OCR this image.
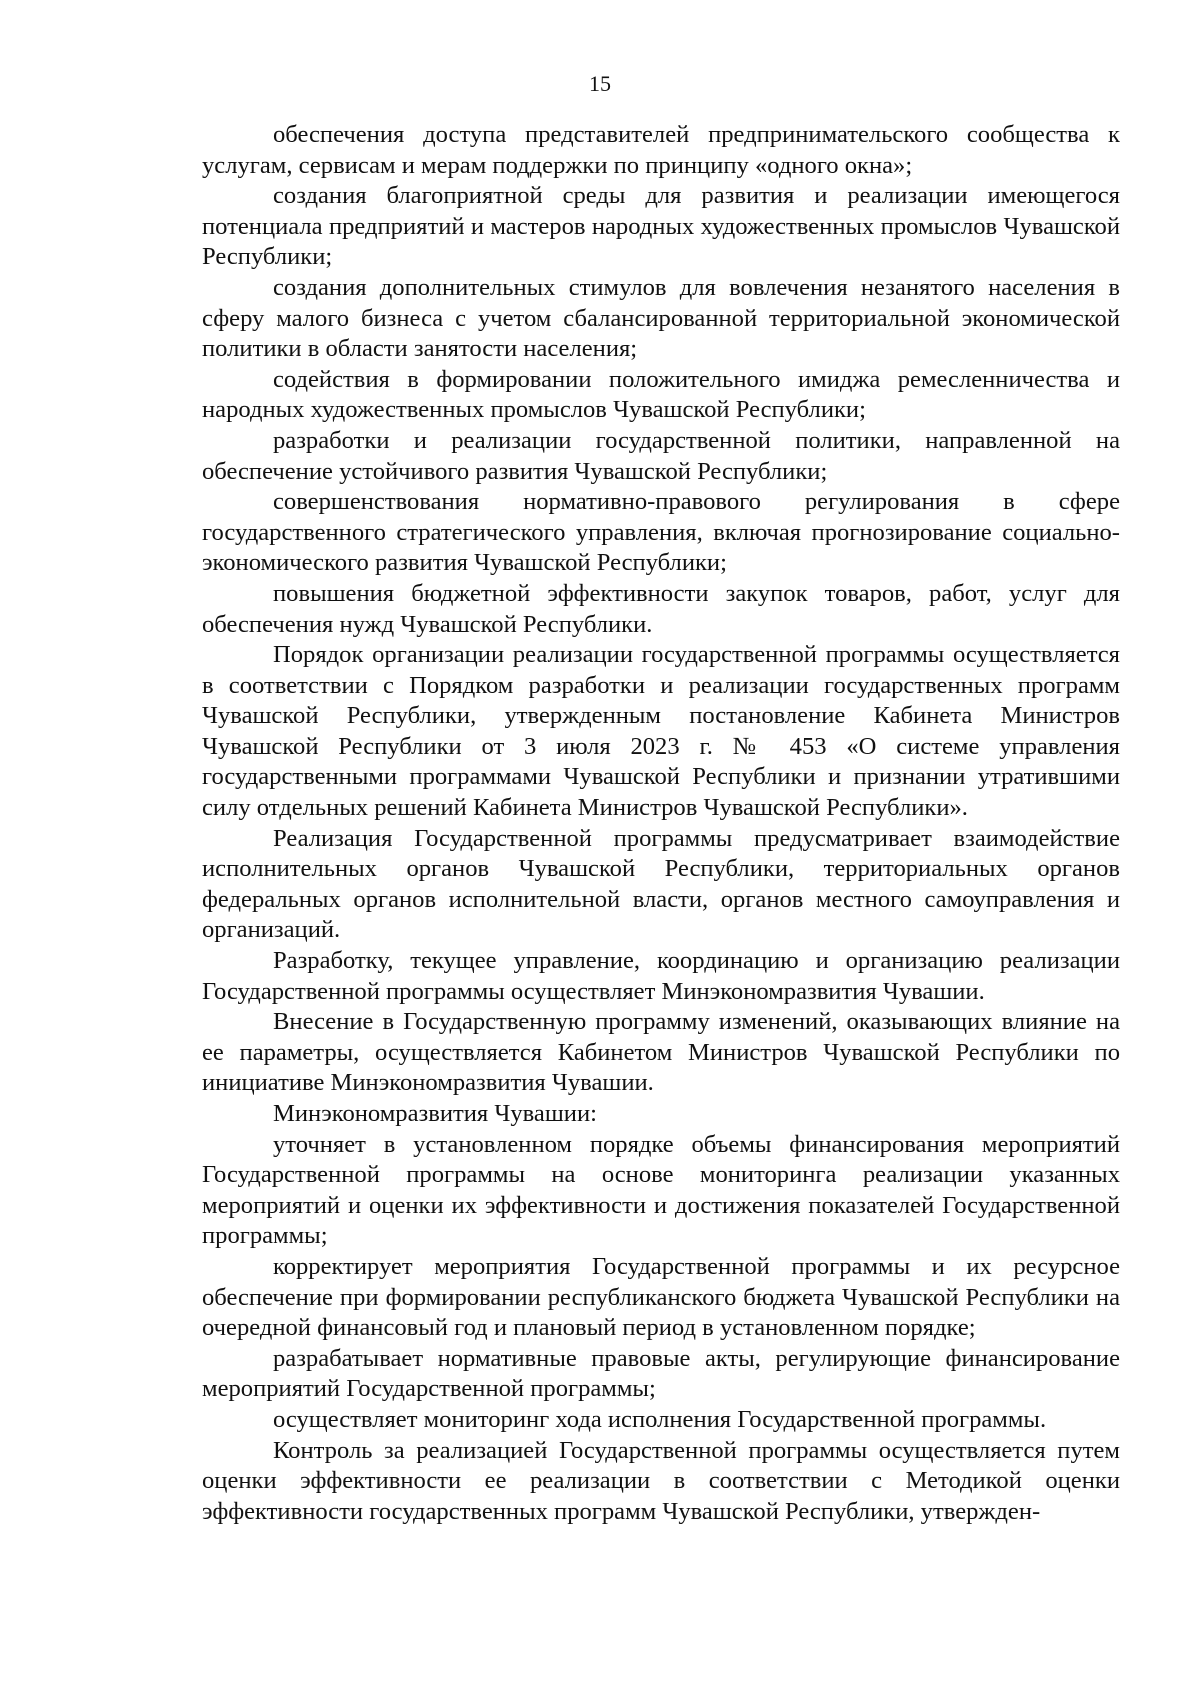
15

обеспечения доступа представителей предпринимательского сообщества к услугам, сервисам и мерам поддержки по принципу «одного окна»;

создания благоприятной среды для развития и реализации имеющегося потенциала предприятий и мастеров народных художественных промыслов Чувашской Республики;

создания дополнительных стимулов для вовлечения незанятого населения в сферу малого бизнеса с учетом сбалансированной территориальной экономической политики в области занятости населения;

содействия в формировании положительного имиджа ремесленничества и народных художественных промыслов Чувашской Республики;

разработки и реализации государственной политики, направленной на обеспечение устойчивого развития Чувашской Республики;

совершенствования нормативно-правового регулирования в сфере государственного стратегического управления, включая прогнозирование социально-экономического развития Чувашской Республики;

повышения бюджетной эффективности закупок товаров, работ, услуг для обеспечения нужд Чувашской Республики.

Порядок организации реализации государственной программы осуществляется в соответствии с Порядком разработки и реализации государственных программ Чувашской Республики, утвержденным постановление Кабинета Министров Чувашской Республики от 3 июля 2023 г. № 453 «О системе управления государственными программами Чувашской Республики и признании утратившими силу отдельных решений Кабинета Министров Чувашской Республики».

Реализация Государственной программы предусматривает взаимодействие исполнительных органов Чувашской Республики, территориальных органов федеральных органов исполнительной власти, органов местного самоуправления и организаций.

Разработку, текущее управление, координацию и организацию реализации Государственной программы осуществляет Минэкономразвития Чувашии.

Внесение в Государственную программу изменений, оказывающих влияние на ее параметры, осуществляется Кабинетом Министров Чувашской Республики по инициативе Минэкономразвития Чувашии.

Минэкономразвития Чувашии:

уточняет в установленном порядке объемы финансирования мероприятий Государственной программы на основе мониторинга реализации указанных мероприятий и оценки их эффективности и достижения показателей Государственной программы;

корректирует мероприятия Государственной программы и их ресурсное обеспечение при формировании республиканского бюджета Чувашской Республики на очередной финансовый год и плановый период в установленном порядке;

разрабатывает нормативные правовые акты, регулирующие финансирование мероприятий Государственной программы;

осуществляет мониторинг хода исполнения Государственной программы.

Контроль за реализацией Государственной программы осуществляется путем оценки эффективности ее реализации в соответствии с Методикой оценки эффективности государственных программ Чувашской Республики, утвержден-
